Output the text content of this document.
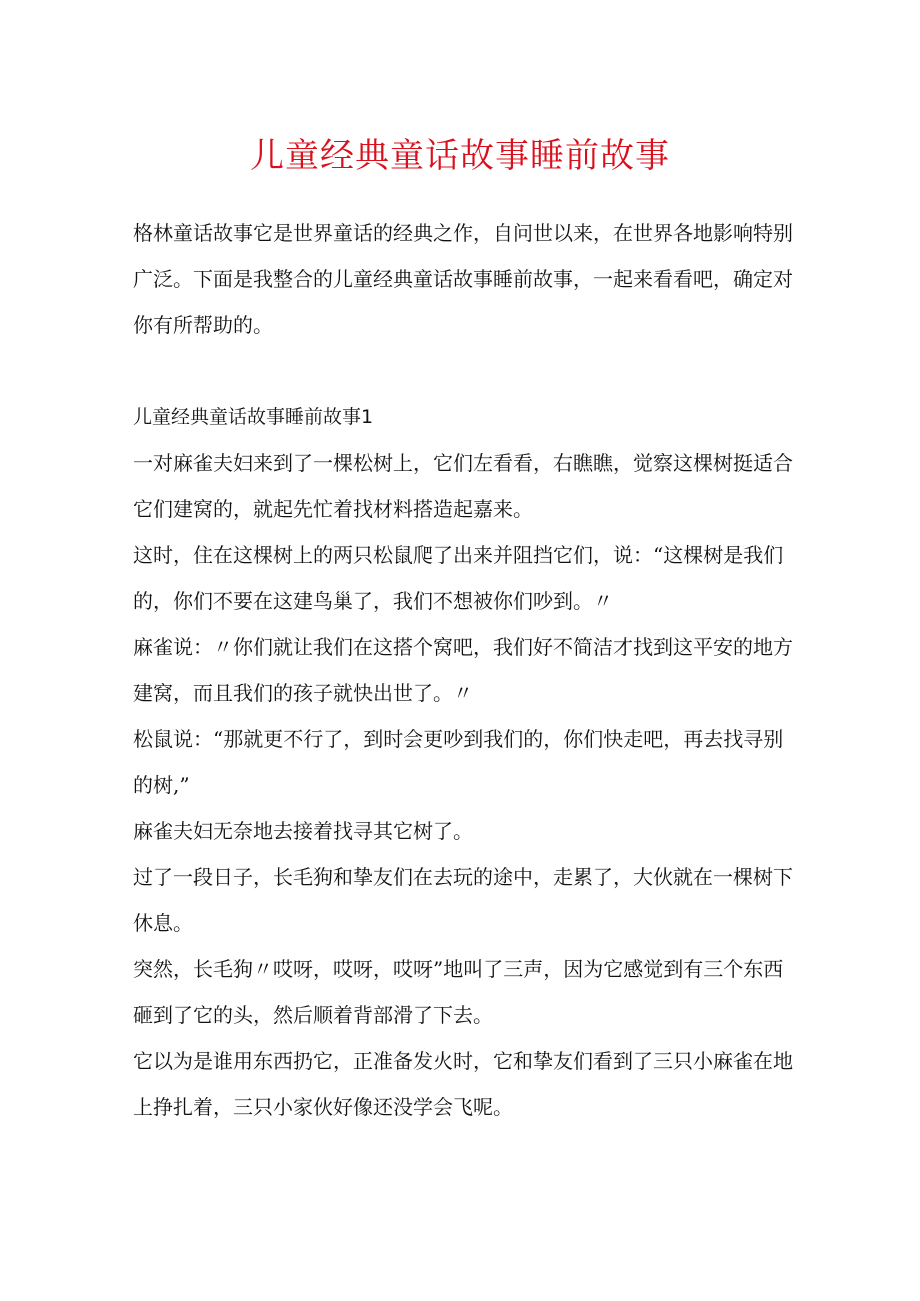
儿童经典童话故事睡前故事

格林童话故事它是世界童话的经典之作，自问世以来，在世界各地影响特别广泛。下面是我整合的儿童经典童话故事睡前故事，一起来看看吧，确定对你有所帮助的。

儿童经典童话故事睡前故事1

一对麻雀夫妇来到了一棵松树上，它们左看看，右瞧瞧，觉察这棵树挺适合它们建窝的，就起先忙着找材料搭造起嘉来。

这时，住在这棵树上的两只松鼠爬了出来并阻挡它们，说：“这棵树是我们的，你们不要在这建鸟巢了，我们不想被你们吵到。〃

麻雀说：〃你们就让我们在这搭个窝吧，我们好不简洁才找到这平安的地方建窝，而且我们的孩子就快出世了。〃

松鼠说：“那就更不行了，到时会更吵到我们的，你们快走吧，再去找寻别的树,”

麻雀夫妇无奈地去接着找寻其它树了。

过了一段日子，长毛狗和挚友们在去玩的途中，走累了，大伙就在一棵树下休息。

突然，长毛狗〃哎呀，哎呀，哎呀”地叫了三声，因为它感觉到有三个东西砸到了它的头，然后顺着背部滑了下去。

它以为是谁用东西扔它，正准备发火时，它和挚友们看到了三只小麻雀在地上挣扎着，三只小家伙好像还没学会飞呢。
